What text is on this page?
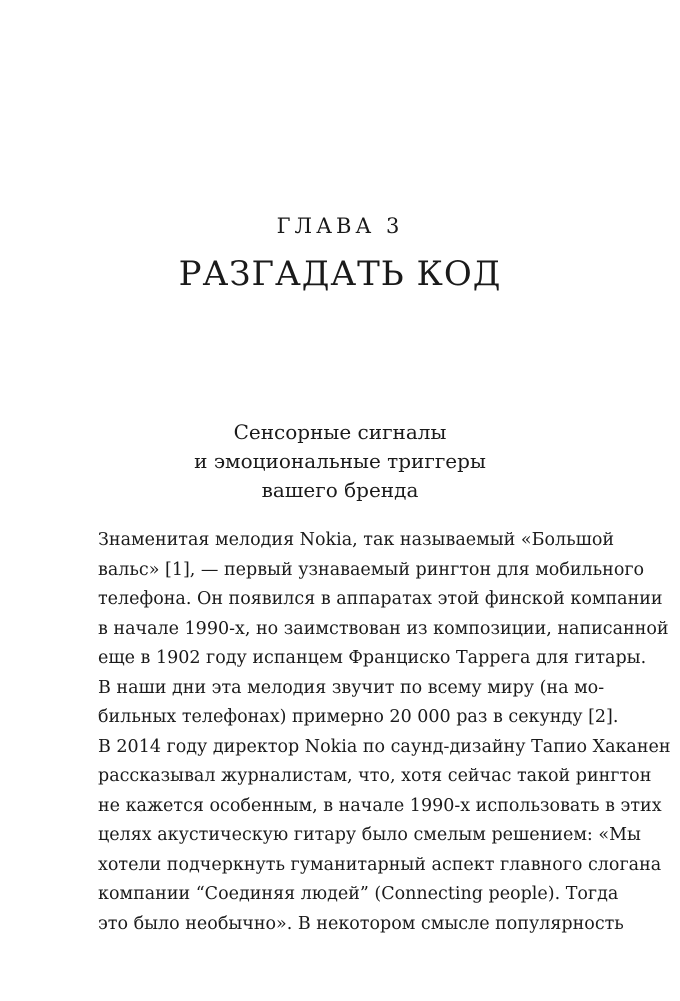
ГЛАВА 3
РАЗГАДАТЬ КОД
Сенсорные сигналы
и эмоциональные триггеры
вашего бренда
Знаменитая мелодия Nokia, так называемый «Большой
вальс» [1], — первый узнаваемый рингтон для мобильного
телефона. Он появился в аппаратах этой финской компании
в начале 1990-х, но заимствован из композиции, написанной
еще в 1902 году испанцем Франциско Таррега для гитары.
В наши дни эта мелодия звучит по всему миру (на мо-
бильных телефонах) примерно 20 000 раз в секунду [2].
В 2014 году директор Nokia по саунд-дизайну Тапио Хаканен
рассказывал журналистам, что, хотя сейчас такой рингтон
не кажется особенным, в начале 1990-х использовать в этих
целях акустическую гитару было смелым решением: «Мы
хотели подчеркнуть гуманитарный аспект главного слогана
компании “Соединяя людей” (Connecting people). Тогда
это было необычно». В некотором смысле популярность
